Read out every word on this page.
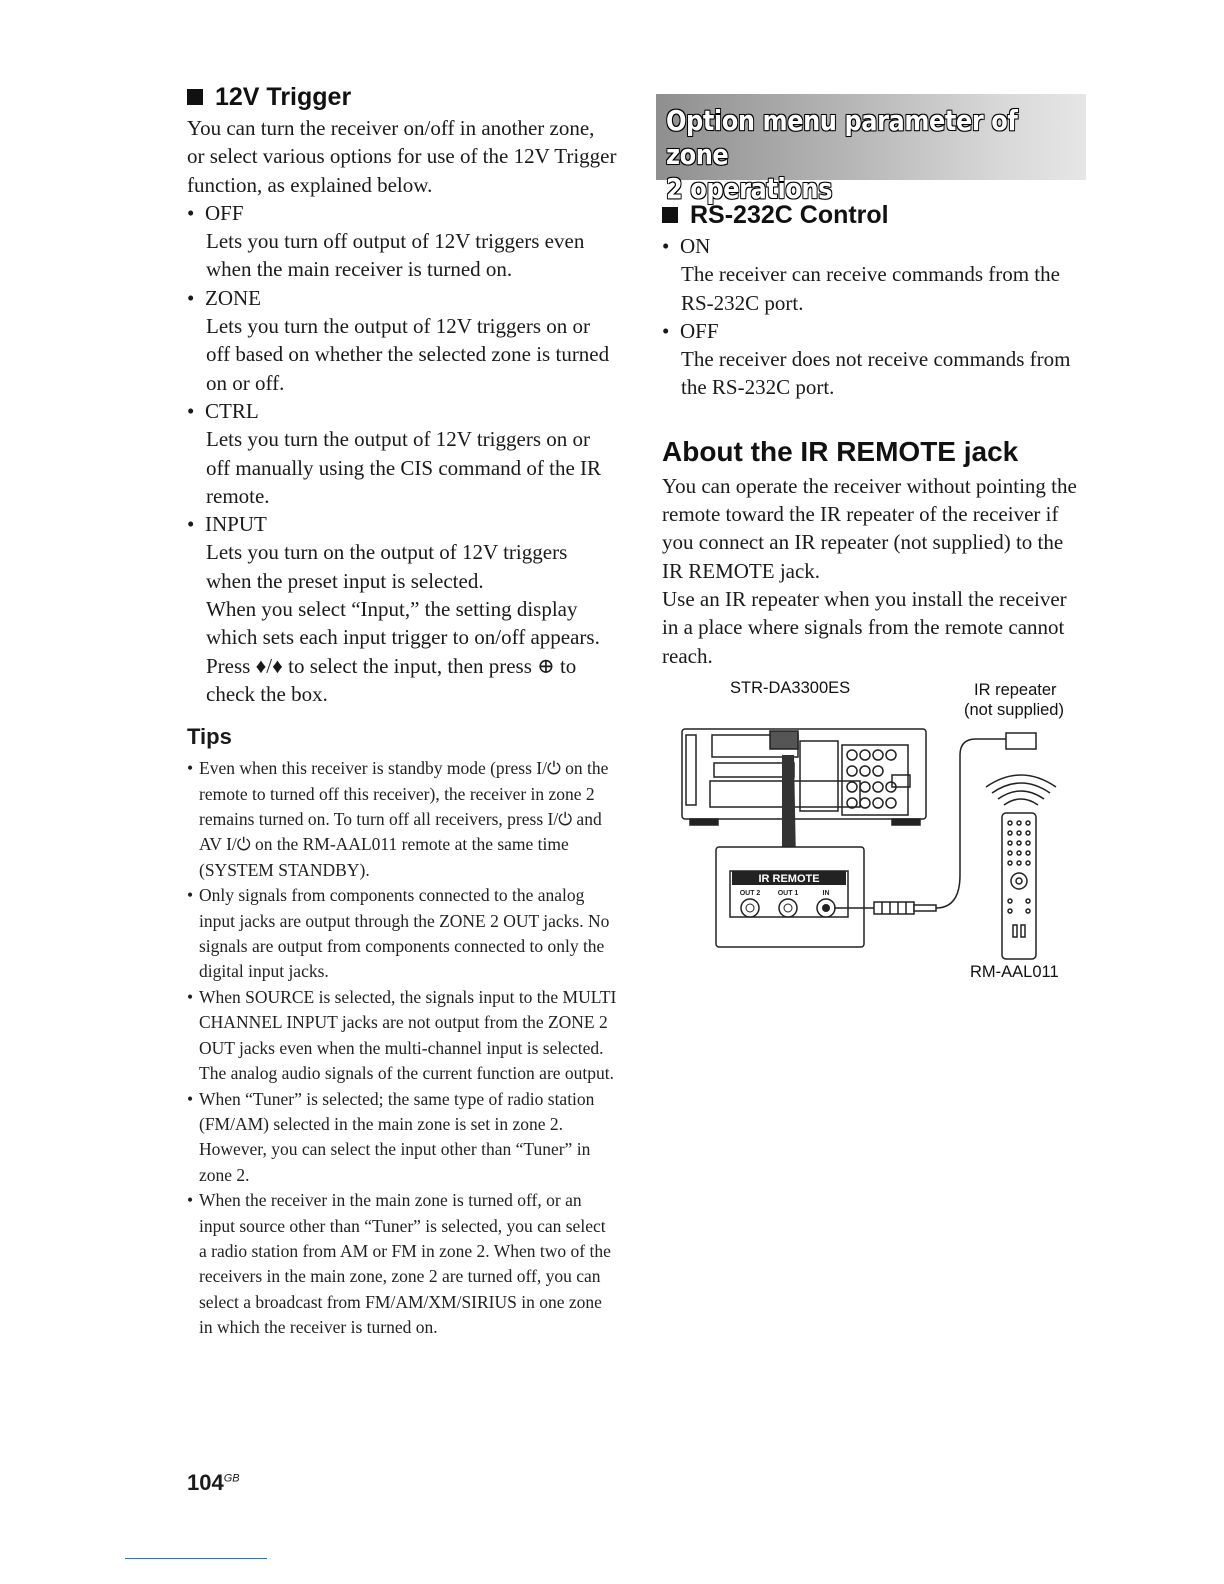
12V Trigger

You can turn the receiver on/off in another zone, or select various options for use of the 12V Trigger function, as explained below.

• OFF

Lets you turn off output of 12V triggers even when the main receiver is turned on.

• ZONE

Lets you turn the output of 12V triggers on or off based on whether the selected zone is turned on or off.

• CTRL

Lets you turn the output of 12V triggers on or off manually using the CIS command of the IR remote.

• INPUT

Lets you turn on the output of 12V triggers when the preset input is selected.

When you select “Input,” the setting display which sets each input trigger to on/off appears. Press ♦/♦ to select the input, then press ⊕ to check the box.

Tips

• Even when this receiver is standby mode (press I/⏻ on the remote to turned off this receiver), the receiver in zone 2 remains turned on. To turn off all receivers, press I/⏻ and AV I/⏻ on the RM-AAL011 remote at the same time (SYSTEM STANDBY).

• Only signals from components connected to the analog input jacks are output through the ZONE 2 OUT jacks. No signals are output from components connected to only the digital input jacks.

• When SOURCE is selected, the signals input to the MULTI CHANNEL INPUT jacks are not output from the ZONE 2 OUT jacks even when the multi-channel input is selected. The analog audio signals of the current function are output.

• When “Tuner” is selected; the same type of radio station (FM/AM) selected in the main zone is set in zone 2. However, you can select the input other than “Tuner” in zone 2.

• When the receiver in the main zone is turned off, or an input source other than “Tuner” is selected, you can select a radio station from AM or FM in zone 2. When two of the receivers in the main zone, zone 2 are turned off, you can select a broadcast from FM/AM/XM/SIRIUS in one zone in which the receiver is turned on.

$104^{GB}$
Option menu parameter of zone
2 operations
RS-232C Control

• ON

The receiver can receive commands from the RS-232C port.

• OFF

The receiver does not receive commands from the RS-232C port.

About the IR REMOTE jack

You can operate the receiver without pointing the remote toward the IR repeater of the receiver if you connect an IR repeater (not supplied) to the IR REMOTE jack.

Use an IR repeater when you install the receiver in a place where signals from the remote cannot reach.

STR-DA3300ES	IR repeater
(not supplied)
RM-AAL011
IR REMOTE
OUT 2 OUT 1	IN
